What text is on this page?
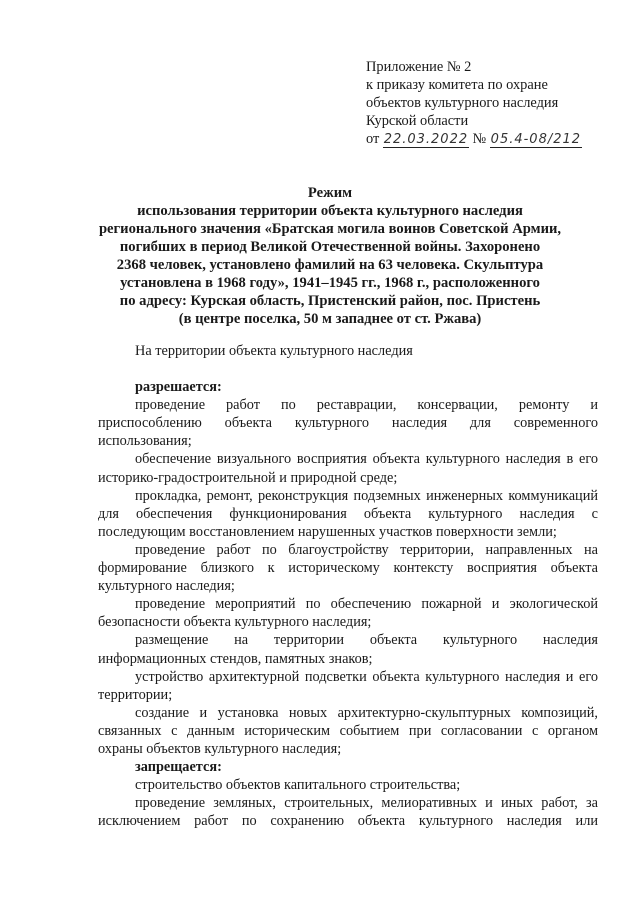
Приложение № 2
к приказу комитета по охране
объектов культурного наследия
Курской области
от 22.03.2022 № 05.4-08/212
Режим
использования территории объекта культурного наследия
регионального значения «Братская могила воинов Советской Армии,
погибших в период Великой Отечественной войны. Захоронено
2368 человек, установлено фамилий на 63 человека. Скульптура
установлена в 1968 году», 1941–1945 гг., 1968 г., расположенного
по адресу: Курская область, Пристенский район, пос. Пристень
(в центре поселка, 50 м западнее от ст. Ржава)

На территории объекта культурного наследия

разрешается:

проведение работ по реставрации, консервации, ремонту и приспособлению объекта культурного наследия для современного использования;

обеспечение визуального восприятия объекта культурного наследия в его историко-градостроительной и природной среде;

прокладка, ремонт, реконструкция подземных инженерных коммуникаций для обеспечения функционирования объекта культурного наследия с последующим восстановлением нарушенных участков поверхности земли;

проведение работ по благоустройству территории, направленных на формирование близкого к историческому контексту восприятия объекта культурного наследия;

проведение мероприятий по обеспечению пожарной и экологической безопасности объекта культурного наследия;

размещение на территории объекта культурного наследия информационных стендов, памятных знаков;

устройство архитектурной подсветки объекта культурного наследия и его территории;

создание и установка новых архитектурно-скульптурных композиций, связанных с данным историческим событием при согласовании с органом охраны объектов культурного наследия;

запрещается:

строительство объектов капитального строительства;

проведение земляных, строительных, мелиоративных и иных работ, за исключением работ по сохранению объекта культурного наследия или
